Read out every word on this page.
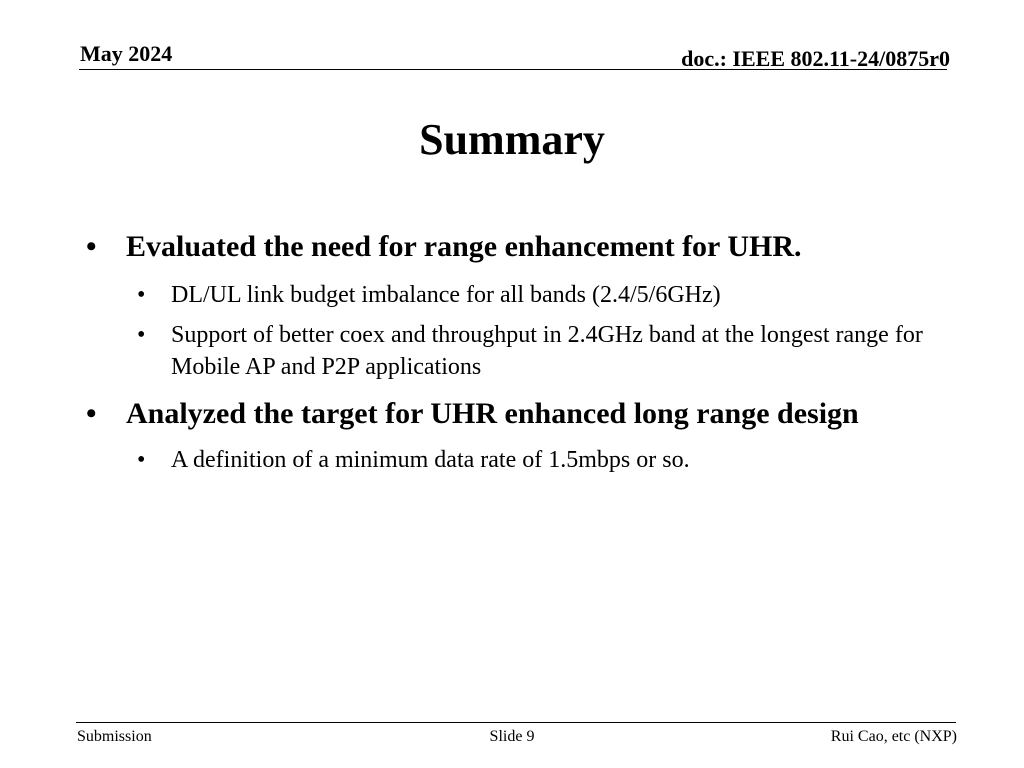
May 2024	doc.: IEEE 802.11-24/0875r0
Summary
• Evaluated the need for range enhancement for UHR.
• DL/UL link budget imbalance for all bands (2.4/5/6GHz)
• Support of better coex and throughput in 2.4GHz band at the longest range for Mobile AP and P2P applications
• Analyzed the target for UHR enhanced long range design
• A definition of a minimum data rate of 1.5mbps or so.
Submission	Slide 9	Rui Cao, etc (NXP)
